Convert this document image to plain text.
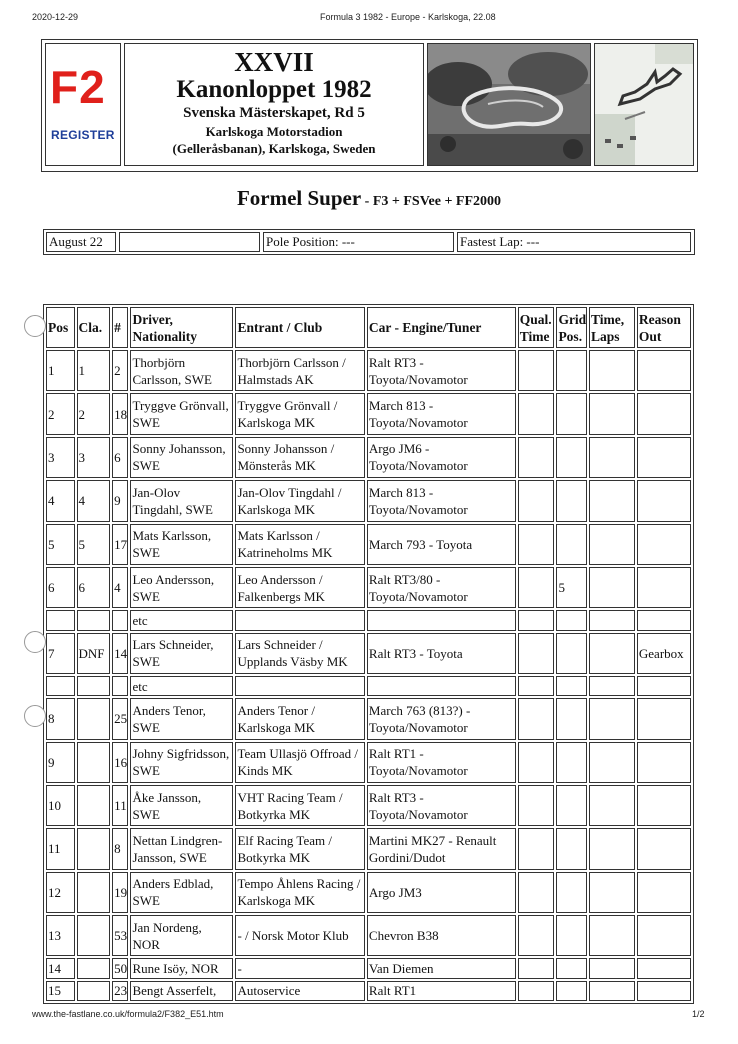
2020-12-29	Formula 3 1982 - Europe - Karlskoga, 22.08
F2
REGISTER
XXVII
Kanonloppet 1982
Svenska Mästerskapet, Rd 5
Karlskoga Motorstadion
(Gelleråsbanan), Karlskoga, Sweden
Formel Super - F3 + FSVee + FF2000
August 22	Pole Position: ---	Fastest Lap: ---
Pos	Cla.	#	Driver, Nationality	Entrant / Club	Car - Engine/Tuner	Qual. Time	Grid Pos.	Time, Laps	Reason Out
1	1	2	Thorbjörn Carlsson, SWE	Thorbjörn Carlsson / Halmstads AK	Ralt RT3 - Toyota/Novamotor				
2	2	18	Tryggve Grönvall, SWE	Tryggve Grönvall / Karlskoga MK	March 813 - Toyota/Novamotor				
3	3	6	Sonny Johansson, SWE	Sonny Johansson / Mönsterås MK	Argo JM6 - Toyota/Novamotor				
4	4	9	Jan-Olov Tingdahl, SWE	Jan-Olov Tingdahl / Karlskoga MK	March 813 - Toyota/Novamotor				
5	5	17	Mats Karlsson, SWE	Mats Karlsson / Katrineholms MK	March 793 - Toyota				
6	6	4	Leo Andersson, SWE	Leo Andersson / Falkenbergs MK	Ralt RT3/80 - Toyota/Novamotor		5		
			etc						
7	DNF	14	Lars Schneider, SWE	Lars Schneider / Upplands Väsby MK	Ralt RT3 - Toyota				Gearbox
			etc						
8		25	Anders Tenor, SWE	Anders Tenor / Karlskoga MK	March 763 (813?) - Toyota/Novamotor				
9		16	Johny Sigfridsson, SWE	Team Ullasjö Offroad / Kinds MK	Ralt RT1 - Toyota/Novamotor				
10		11	Åke Jansson, SWE	VHT Racing Team / Botkyrka MK	Ralt RT3 - Toyota/Novamotor				
11		8	Nettan Lindgren-Jansson, SWE	Elf Racing Team / Botkyrka MK	Martini MK27 - Renault Gordini/Dudot				
12		19	Anders Edblad, SWE	Tempo Åhlens Racing / Karlskoga MK	Argo JM3				
13		53	Jan Nordeng, NOR	- / Norsk Motor Klub	Chevron B38				
14		50	Rune Isöy, NOR	-	Van Diemen				
15		23	Bengt Asserfelt,	Autoservice	Ralt RT1				
www.the-fastlane.co.uk/formula2/F382_E51.htm	1/2
